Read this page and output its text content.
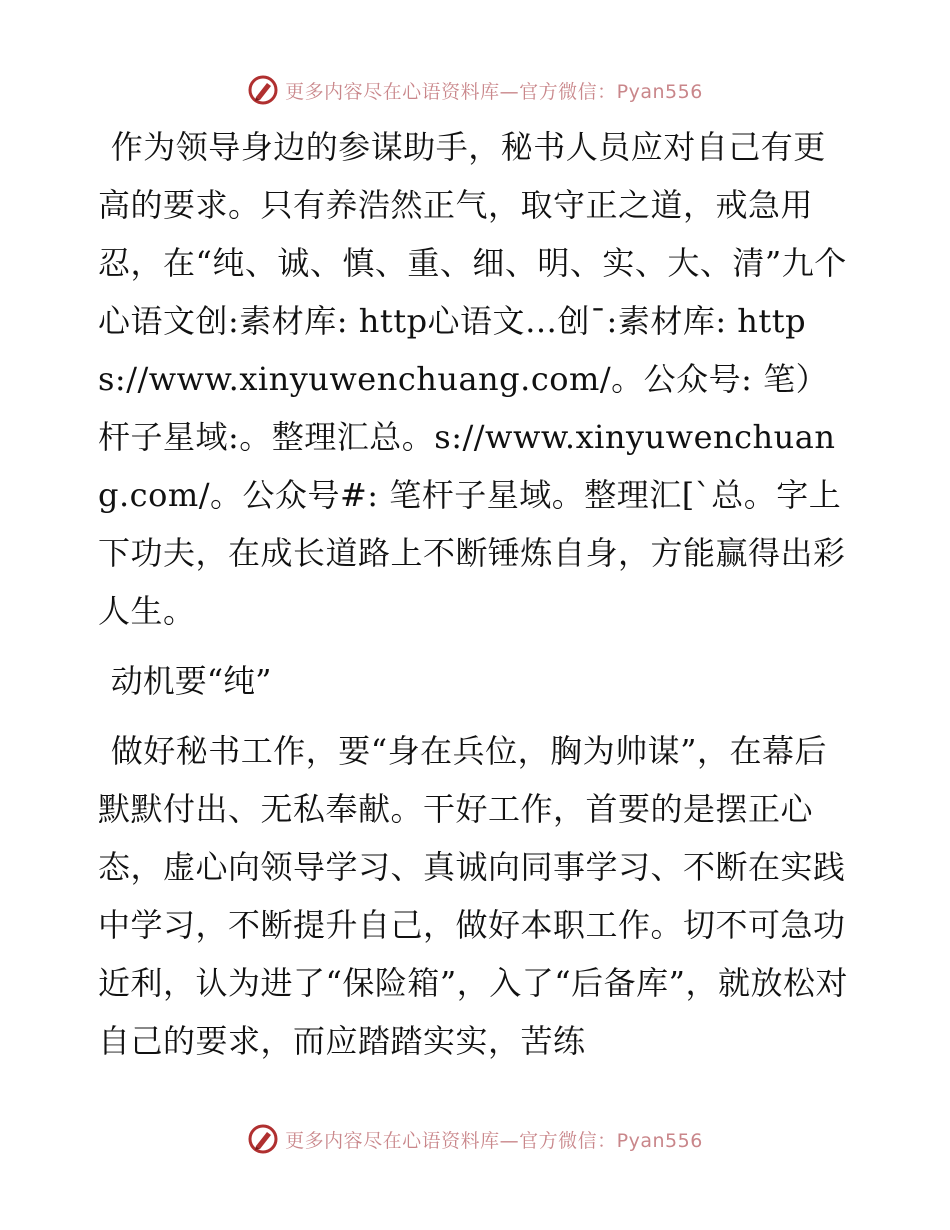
更多内容尽在心语资料库—官方微信：Pyan556

作为领导身边的参谋助手，秘书人员应对自己有更高的要求。只有养浩然正气，取守正之道，戒急用忍，在“纯、诚、慎、重、细、明、实、大、清”九个心语文创:素材库: http心语文…创¯:素材库: https://www.xinyuwenchuang.com/。公众号: 笔）杆子星域:。整理汇总。s://www.xinyuwenchuang.com/。公众号#: 笔杆子星域。整理汇[`总。字上下功夫，在成长道路上不断锤炼自身，方能赢得出彩人生。

动机要“纯”

做好秘书工作，要“身在兵位，胸为帅谋”，在幕后默默付出、无私奉献。干好工作，首要的是摆正心态，虚心向领导学习、真诚向同事学习、不断在实践中学习，不断提升自己，做好本职工作。切不可急功近利，认为进了“保险箱”，入了“后备库”，就放松对自己的要求，而应踏踏实实，苦练

更多内容尽在心语资料库—官方微信：Pyan556
